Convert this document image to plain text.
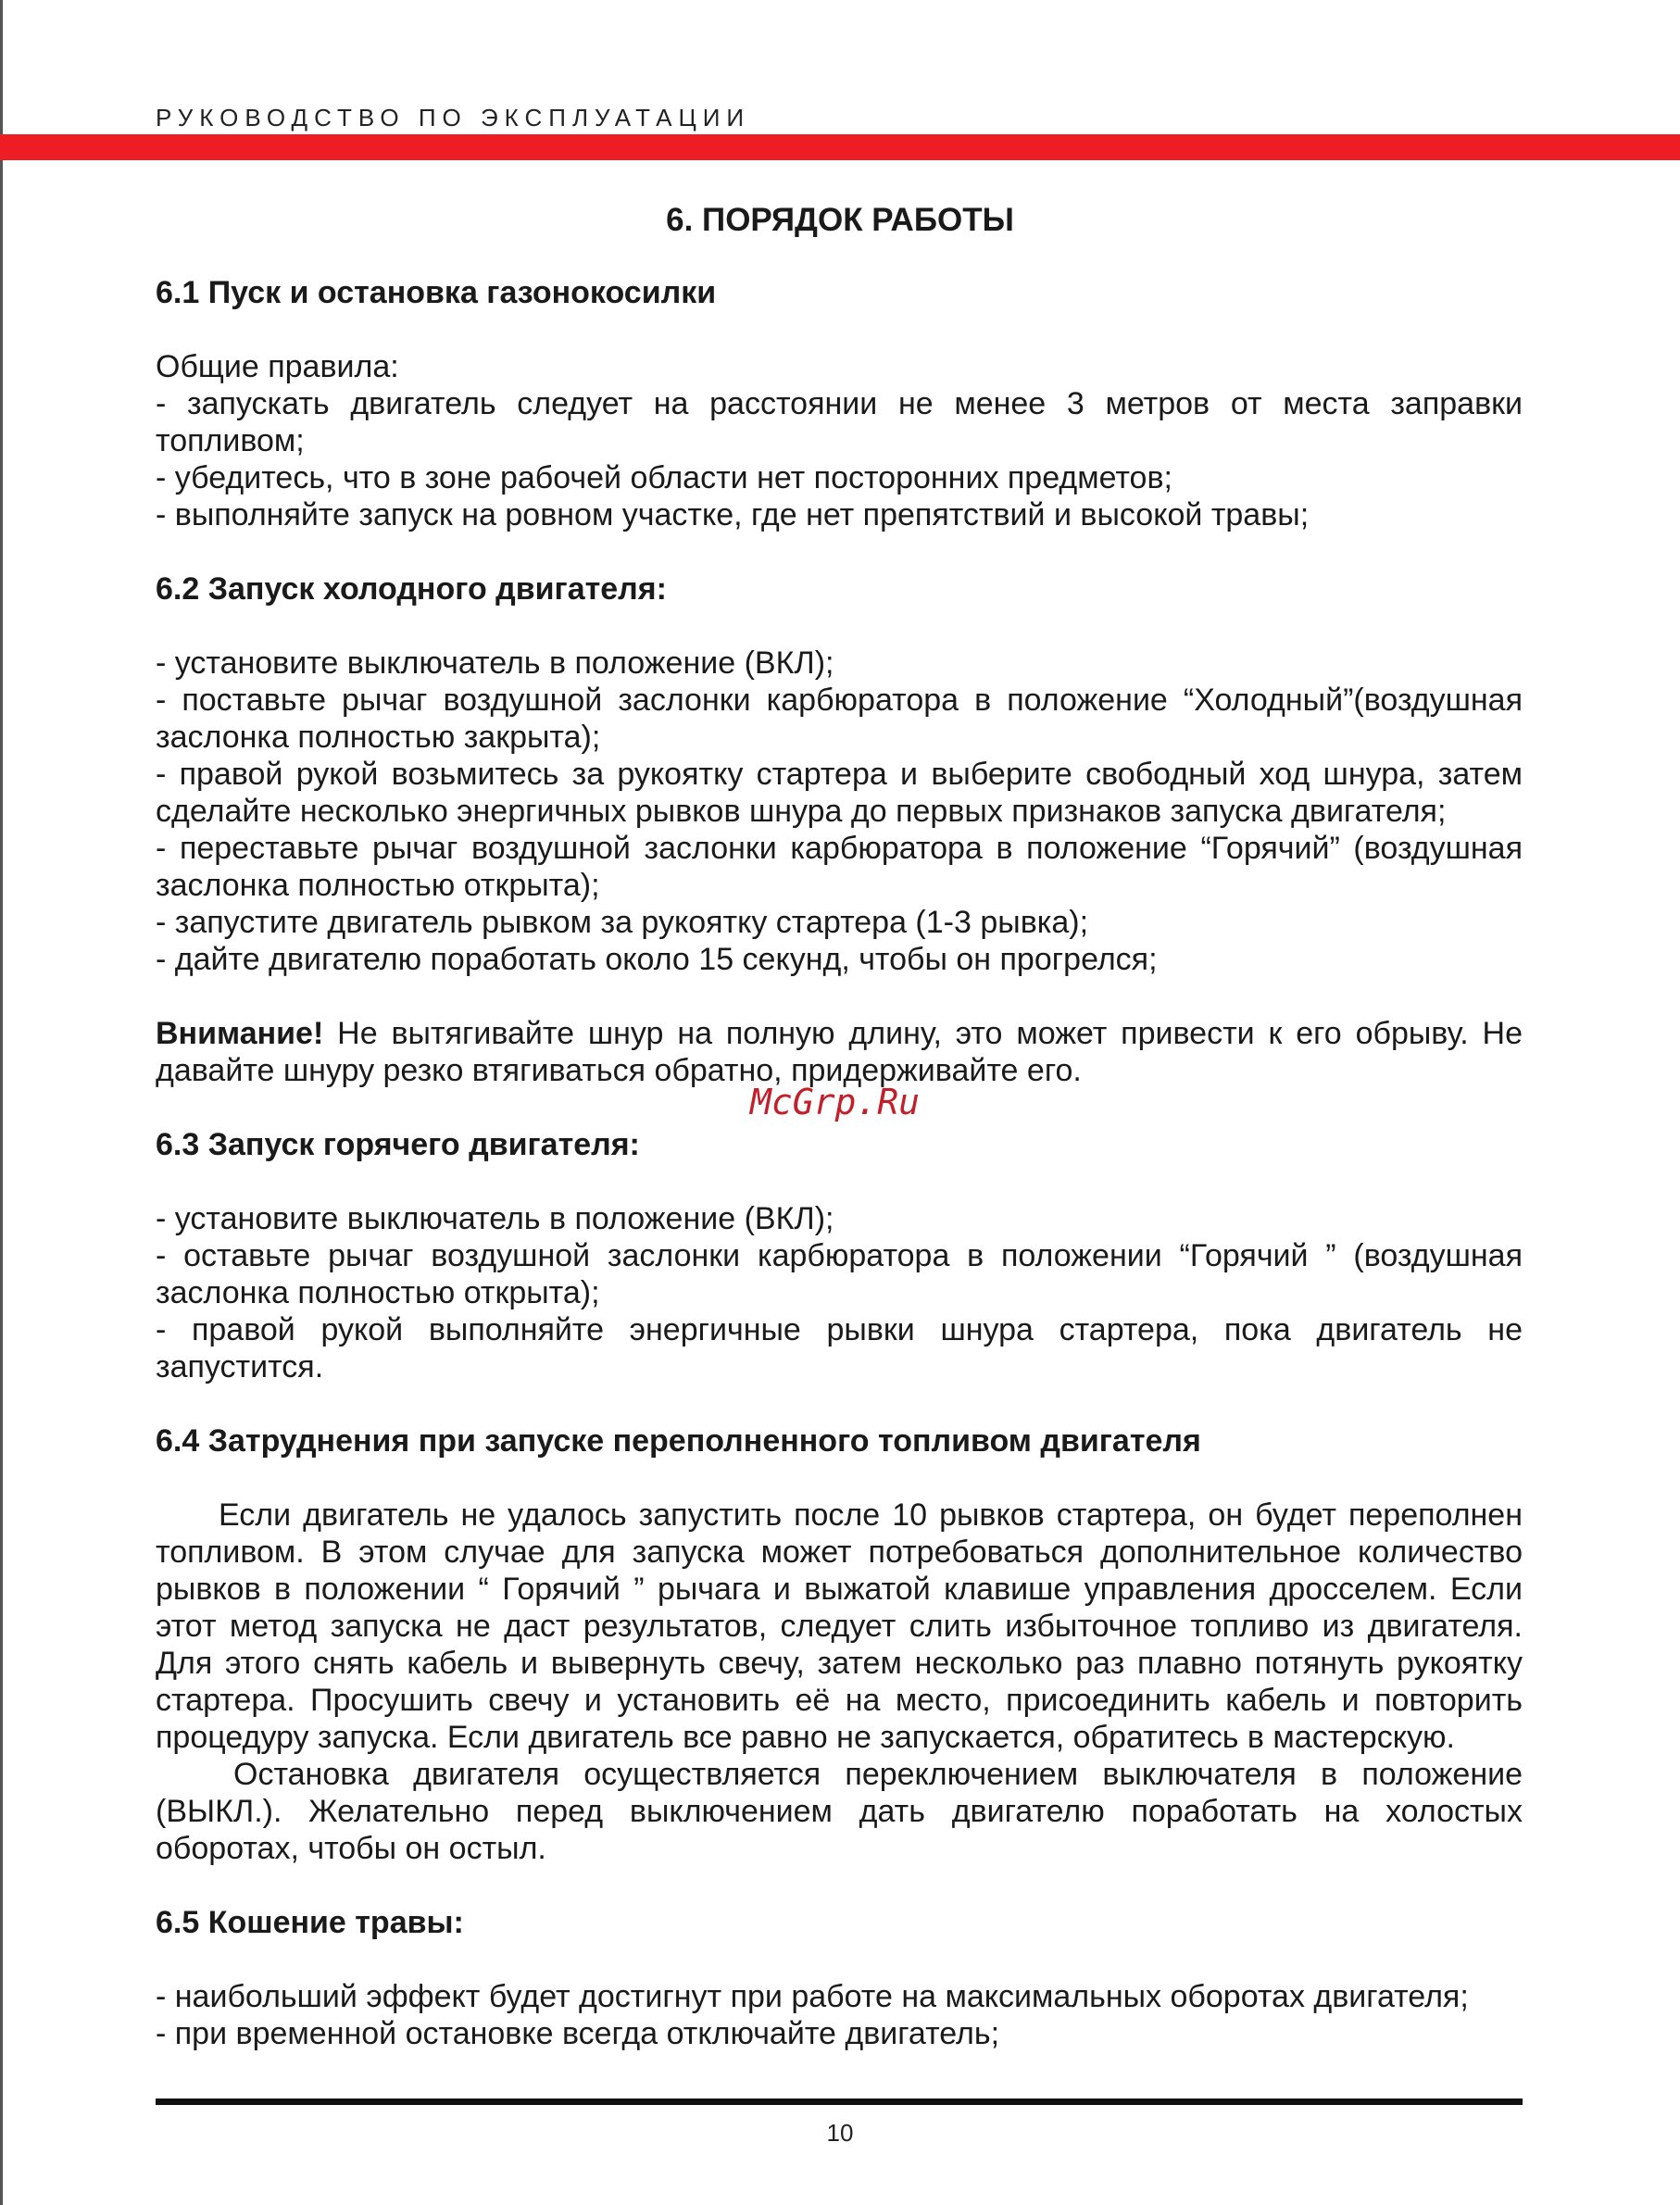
РУКОВОДСТВО ПО ЭКСПЛУАТАЦИИ
6. ПОРЯДОК РАБОТЫ
6.1 Пуск и остановка газонокосилки

Общие правила:

- запускать двигатель следует на расстоянии не менее 3 метров от места заправки топливом;

- убедитесь, что в зоне рабочей области нет посторонних предметов;

- выполняйте запуск на ровном участке, где нет препятствий и высокой травы;

6.2 Запуск холодного двигателя:

- установите выключатель в положение (ВКЛ);

- поставьте рычаг воздушной заслонки карбюратора в положение “Холодный”(воздушная заслонка полностью закрыта);

- правой рукой возьмитесь за рукоятку стартера и выберите свободный ход шнура, затем сделайте несколько энергичных рывков шнура до первых признаков запуска двигателя;

- переставьте рычаг воздушной заслонки карбюратора в положение “Горячий” (воздушная заслонка полностью открыта);

- запустите двигатель рывком за рукоятку стартера (1-3 рывка);

- дайте двигателю поработать около 15 секунд, чтобы он прогрелся;

Внимание! Не вытягивайте шнур на полную длину, это может привести к его обрыву. Не давайте шнуру резко втягиваться обратно, придерживайте его.

6.3 Запуск горячего двигателя:

- установите выключатель в положение (ВКЛ);

- оставьте рычаг воздушной заслонки карбюратора в положении “Горячий ” (воздушная заслонка полностью открыта);

- правой рукой выполняйте энергичные рывки шнура стартера, пока двигатель не запустится.

6.4 Затруднения при запуске переполненного топливом двигателя

Если двигатель не удалось запустить после 10 рывков стартера, он будет переполнен топливом. В этом случае для запуска может потребоваться дополнительное количество рывков в положении “ Горячий ” рычага и выжатой клавише управления дросселем. Если этот метод запуска не даст результатов, следует слить избыточное топливо из двигателя. Для этого снять кабель и вывернуть свечу, затем несколько раз плавно потянуть рукоятку стартера. Просушить свечу и установить её на место, присоединить кабель и повторить процедуру запуска. Если двигатель все равно не запускается, обратитесь в мастерскую.

Остановка двигателя осуществляется переключением выключателя в положение (ВЫКЛ.). Желательно перед выключением дать двигателю поработать на холостых оборотах, чтобы он остыл.

6.5 Кошение травы:

- наибольший эффект будет достигнут при работе на максимальных оборотах двигателя;

- при временной остановке всегда отключайте двигатель;

McGrp.Ru
10
